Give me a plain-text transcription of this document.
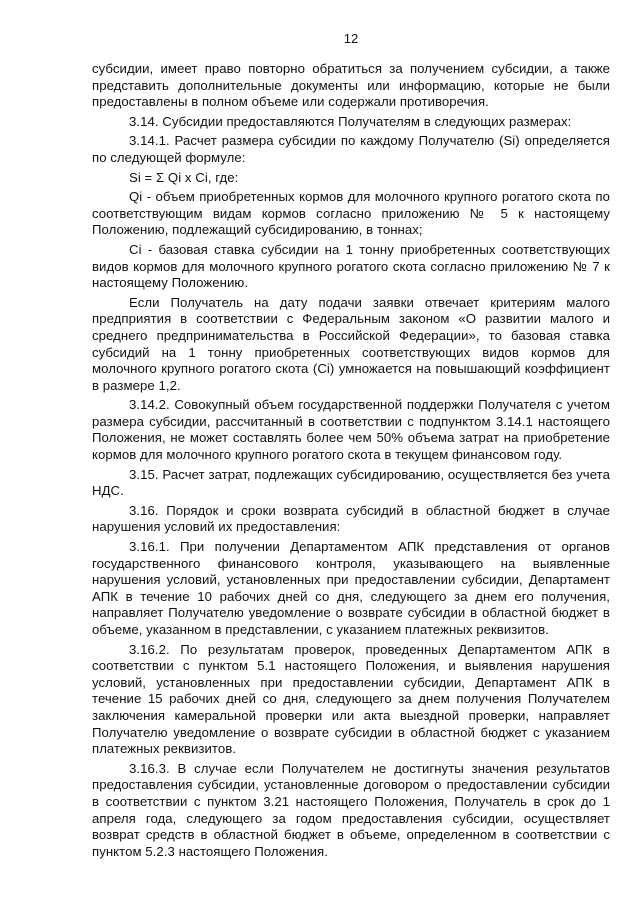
12

субсидии, имеет право повторно обратиться за получением субсидии, а также представить дополнительные документы или информацию, которые не были предоставлены в полном объеме или содержали противоречия.

3.14. Субсидии предоставляются Получателям в следующих размерах:

3.14.1. Расчет размера субсидии по каждому Получателю (Si) определяется по следующей формуле:

Si = Σ Qi x Ci, где:

Qi - объем приобретенных кормов для молочного крупного рогатого скота по соответствующим видам кормов согласно приложению № 5 к настоящему Положению, подлежащий субсидированию, в тоннах;

Ci - базовая ставка субсидии на 1 тонну приобретенных соответствующих видов кормов для молочного крупного рогатого скота согласно приложению № 7 к настоящему Положению.

Если Получатель на дату подачи заявки отвечает критериям малого предприятия в соответствии с Федеральным законом «О развитии малого и среднего предпринимательства в Российской Федерации», то базовая ставка субсидий на 1 тонну приобретенных соответствующих видов кормов для молочного крупного рогатого скота (Ci) умножается на повышающий коэффициент в размере 1,2.

3.14.2. Совокупный объем государственной поддержки Получателя с учетом размера субсидии, рассчитанный в соответствии с подпунктом 3.14.1 настоящего Положения, не может составлять более чем 50% объема затрат на приобретение кормов для молочного крупного рогатого скота в текущем финансовом году.

3.15. Расчет затрат, подлежащих субсидированию, осуществляется без учета НДС.

3.16. Порядок и сроки возврата субсидий в областной бюджет в случае нарушения условий их предоставления:

3.16.1. При получении Департаментом АПК представления от органов государственного финансового контроля, указывающего на выявленные нарушения условий, установленных при предоставлении субсидии, Департамент АПК в течение 10 рабочих дней со дня, следующего за днем его получения, направляет Получателю уведомление о возврате субсидии в областной бюджет в объеме, указанном в представлении, с указанием платежных реквизитов.

3.16.2. По результатам проверок, проведенных Департаментом АПК в соответствии с пунктом 5.1 настоящего Положения, и выявления нарушения условий, установленных при предоставлении субсидии, Департамент АПК в течение 15 рабочих дней со дня, следующего за днем получения Получателем заключения камеральной проверки или акта выездной проверки, направляет Получателю уведомление о возврате субсидии в областной бюджет с указанием платежных реквизитов.

3.16.3. В случае если Получателем не достигнуты значения результатов предоставления субсидии, установленные договором о предоставлении субсидии в соответствии с пунктом 3.21 настоящего Положения, Получатель в срок до 1 апреля года, следующего за годом предоставления субсидии, осуществляет возврат средств в областной бюджет в объеме, определенном в соответствии с пунктом 5.2.3 настоящего Положения.
